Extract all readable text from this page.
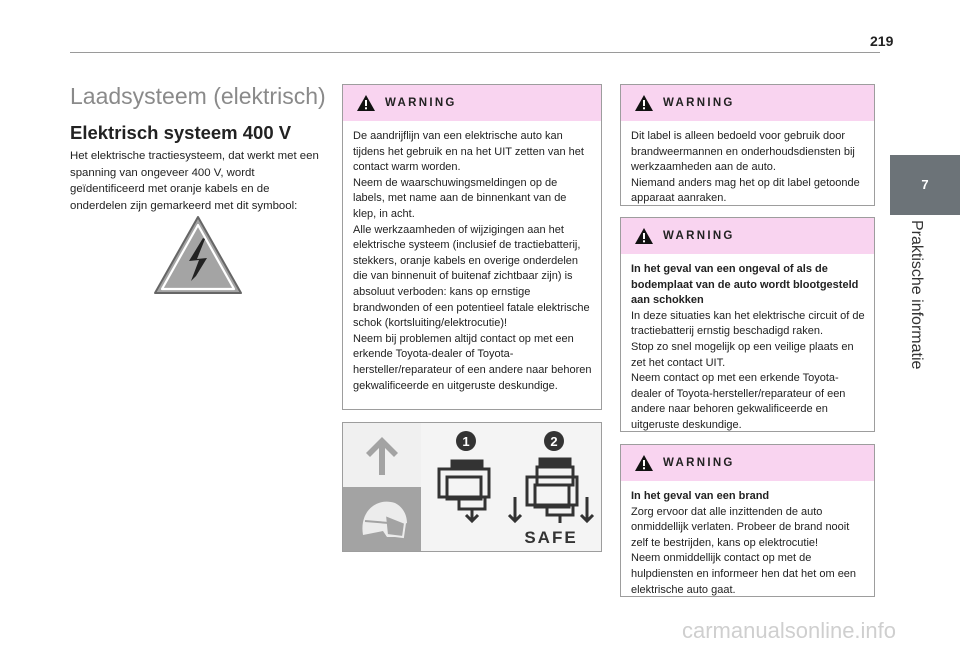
219
7
Praktische informatie
Laadsysteem (elektrisch)
Elektrisch systeem 400 V
Het elektrische tractiesysteem, dat werkt met een spanning van ongeveer 400 V, wordt geïdentificeerd met oranje kabels en de onderdelen zijn gemarkeerd met dit symbool:
WARNING

De aandrijflijn van een elektrische auto kan tijdens het gebruik en na het UIT zetten van het contact warm worden.

Neem de waarschuwingsmeldingen op de labels, met name aan de binnenkant van de klep, in acht.

Alle werkzaamheden of wijzigingen aan het elektrische systeem (inclusief de tractiebatterij, stekkers, oranje kabels en overige onderdelen die van binnenuit of buitenaf zichtbaar zijn) is absoluut verboden: kans op ernstige brandwonden of een potentieel fatale elektrische schok (kortsluiting/elektrocutie)!

Neem bij problemen altijd contact op met een erkende Toyota-dealer of Toyota-hersteller/reparateur of een andere naar behoren gekwalificeerde en uitgeruste deskundige.

1	2
SAFE
WARNING

Dit label is alleen bedoeld voor gebruik door brandweermannen en onderhoudsdiensten bij werkzaamheden aan de auto.

Niemand anders mag het op dit label getoonde apparaat aanraken.

WARNING

In het geval van een ongeval of als de bodemplaat van de auto wordt blootgesteld aan schokken

In deze situaties kan het elektrische circuit of de tractiebatterij ernstig beschadigd raken.

Stop zo snel mogelijk op een veilige plaats en zet het contact UIT.

Neem contact op met een erkende Toyota-dealer of Toyota-hersteller/reparateur of een andere naar behoren gekwalificeerde en uitgeruste deskundige.

WARNING

In het geval van een brand

Zorg ervoor dat alle inzittenden de auto onmiddellijk verlaten. Probeer de brand nooit zelf te bestrijden, kans op elektrocutie!

Neem onmiddellijk contact op met de hulpdiensten en informeer hen dat het om een elektrische auto gaat.

carmanualsonline.info
